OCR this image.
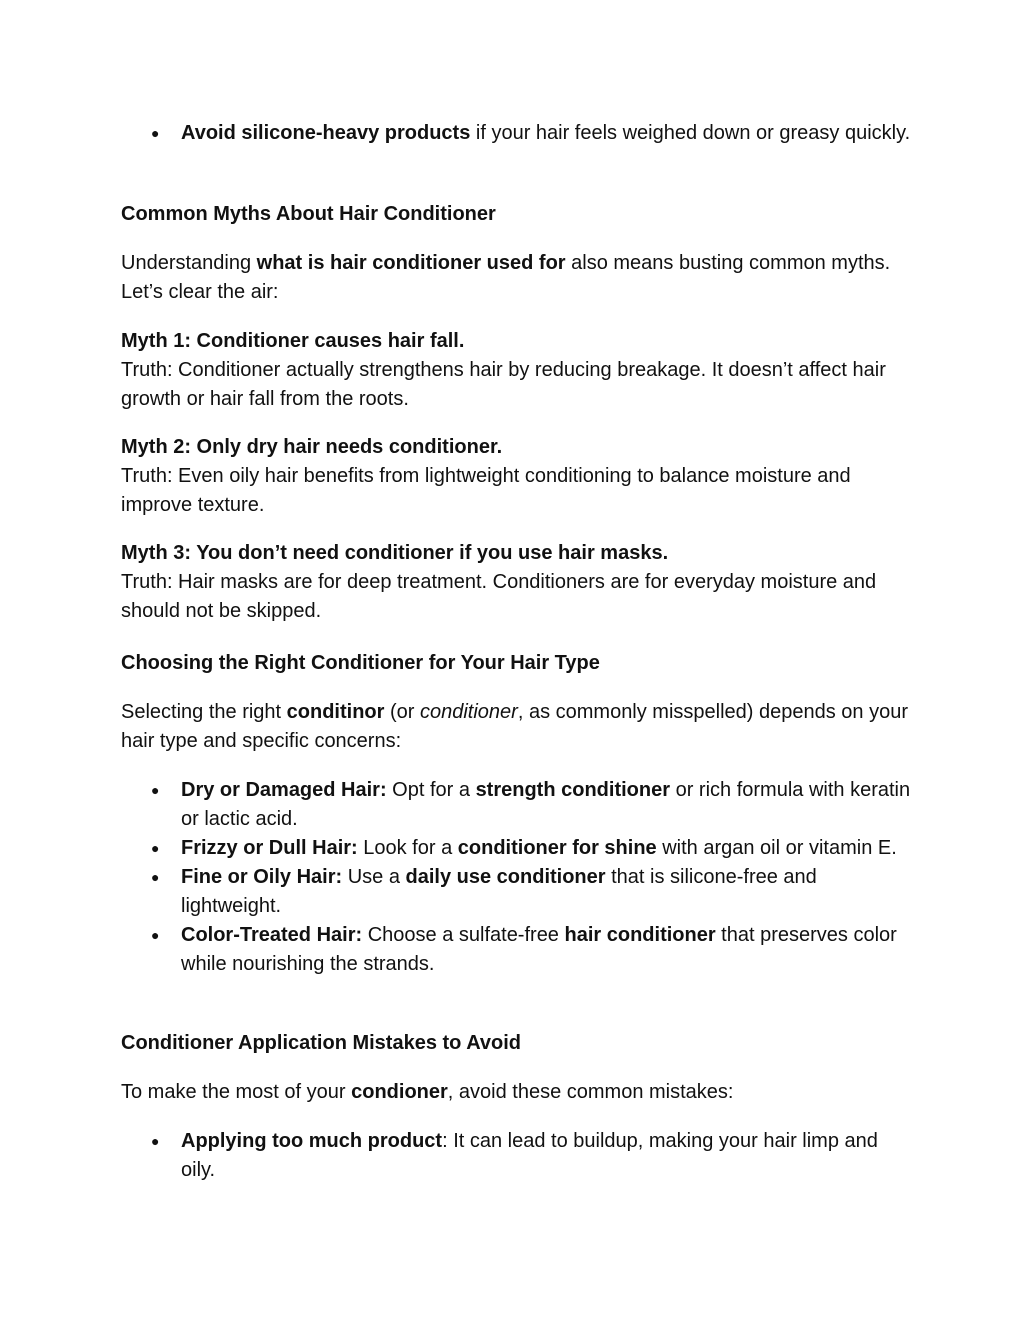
● Avoid silicone-heavy products if your hair feels weighed down or greasy quickly.

Common Myths About Hair Conditioner

Understanding what is hair conditioner used for also means busting common myths. Let’s clear the air:

Myth 1: Conditioner causes hair fall.

Truth: Conditioner actually strengthens hair by reducing breakage. It doesn’t affect hair growth or hair fall from the roots.

Myth 2: Only dry hair needs conditioner.

Truth: Even oily hair benefits from lightweight conditioning to balance moisture and improve texture.

Myth 3: You don’t need conditioner if you use hair masks.

Truth: Hair masks are for deep treatment. Conditioners are for everyday moisture and should not be skipped.

Choosing the Right Conditioner for Your Hair Type

Selecting the right conditinor (or conditioner, as commonly misspelled) depends on your hair type and specific concerns:

● Dry or Damaged Hair: Opt for a strength conditioner or rich formula with keratin or lactic acid.
● Frizzy or Dull Hair: Look for a conditioner for shine with argan oil or vitamin E.
● Fine or Oily Hair: Use a daily use conditioner that is silicone-free and lightweight.
● Color-Treated Hair: Choose a sulfate-free hair conditioner that preserves color while nourishing the strands.

Conditioner Application Mistakes to Avoid

To make the most of your condioner, avoid these common mistakes:

● Applying too much product: It can lead to buildup, making your hair limp and oily.
